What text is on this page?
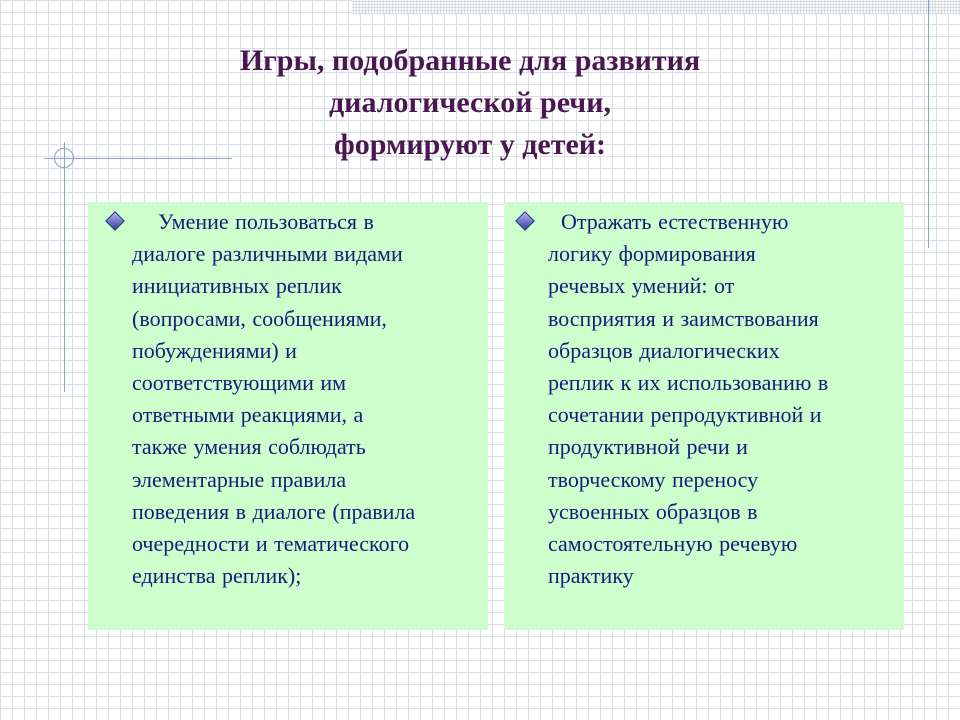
Игры, подобранные для развития
диалогической речи,
формируют у детей:

Умение пользоваться в
диалоге различными видами
инициативных реплик
(вопросами, сообщениями,
побуждениями) и
соответствующими им
ответными реакциями, а
также умения соблюдать
элементарные правила
поведения в диалоге (правила
очередности и тематического
единства реплик);

Отражать естественную
логику формирования
речевых умений: от
восприятия и заимствования
образцов диалогических
реплик к их использованию в
сочетании репродуктивной и
продуктивной речи и
творческому переносу
усвоенных образцов в
самостоятельную речевую
практику
